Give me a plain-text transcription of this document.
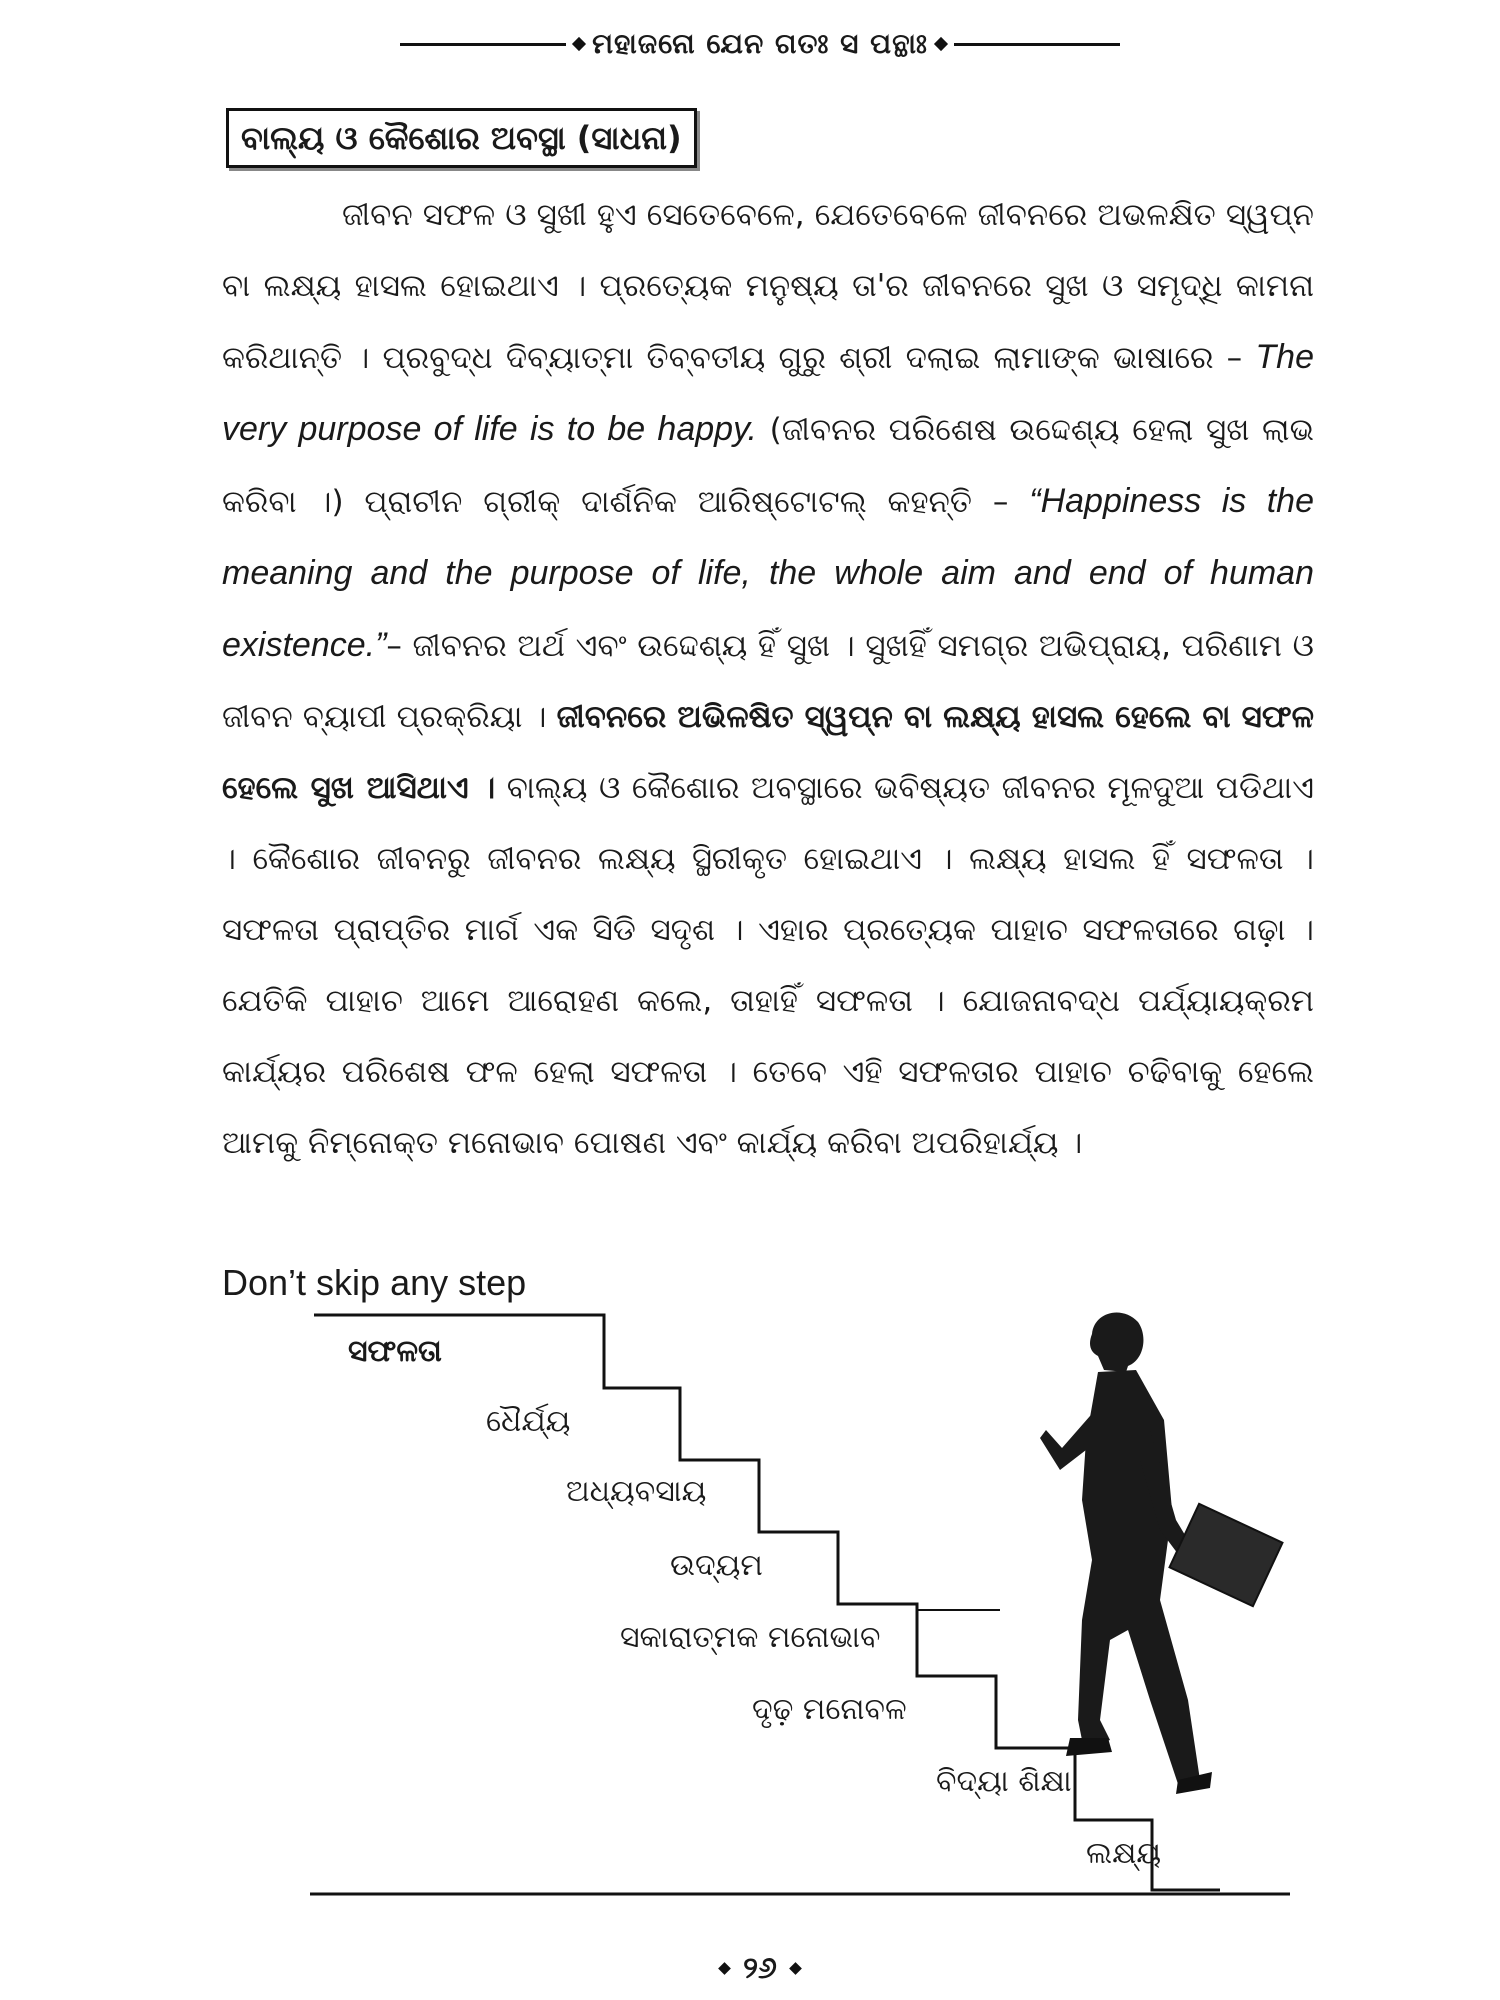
ମହାଜନୋ ଯେନ ଗତଃ ସ ପନ୍ଥାଃ
ବାଲ୍ୟ ଓ କୈଶୋର ଅବସ୍ଥା (ସାଧନା)

ଜୀବନ ସଫଳ ଓ ସୁଖୀ ହୁଏ ସେତେବେଳେ, ଯେତେବେଳେ ଜୀବନରେ ଅଭଳକ୍ଷିତ ସ୍ୱପ୍ନ ବା ଲକ୍ଷ୍ୟ ହାସଲ ହୋଇଥାଏ । ପ୍ରତ୍ୟେକ ମନୁଷ୍ୟ ତା'ର ଜୀବନରେ ସୁଖ ଓ ସମୃଦ୍ଧି କାମନା କରିଥାନ୍ତି । ପ୍ରବୁଦ୍ଧ ଦିବ୍ୟାତ୍ମା ତିବ୍ବତୀୟ ଗୁରୁ ଶ୍ରୀ ଦଲାଇ ଲାମାଙ୍କ ଭାଷାରେ – The very purpose of life is to be happy. (ଜୀବନର ପରିଶେଷ ଉଦ୍ଦେଶ୍ୟ ହେଲା ସୁଖ ଲାଭ କରିବା ।) ପ୍ରାଚୀନ ଗ୍ରୀକ୍ ଦାର୍ଶନିକ ଆରିଷ୍ଟୋଟଲ୍ କହନ୍ତି – “Happiness is the meaning and the purpose of life, the whole aim and end of human existence.”– ଜୀବନର ଅର୍ଥ ଏବଂ ଉଦ୍ଦେଶ୍ୟ ହିଁ ସୁଖ । ସୁଖହିଁ ସମଗ୍ର ଅଭିପ୍ରାୟ, ପରିଣାମ ଓ ଜୀବନ ବ୍ୟାପୀ ପ୍ରକ୍ରିୟା । ଜୀବନରେ ଅଭିଳଷିତ ସ୍ୱପ୍ନ ବା ଲକ୍ଷ୍ୟ ହାସଲ ହେଲେ ବା ସଫଳ ହେଲେ ସୁଖ ଆସିଥାଏ । ବାଲ୍ୟ ଓ କୈଶୋର ଅବସ୍ଥାରେ ଭବିଷ୍ୟତ ଜୀବନର ମୂଳଦୁଆ ପଡିଥାଏ । କୈଶୋର ଜୀବନରୁ ଜୀବନର ଲକ୍ଷ୍ୟ ସ୍ଥିରୀକୃତ ହୋଇଥାଏ । ଲକ୍ଷ୍ୟ ହାସଲ ହିଁ ସଫଳତା । ସଫଳତା ପ୍ରାପ୍ତିର ମାର୍ଗ ଏକ ସିଡି ସଦୃଶ । ଏହାର ପ୍ରତ୍ୟେକ ପାହାଚ ସଫଳତାରେ ଗଢ଼ା । ଯେତିକି ପାହାଚ ଆମେ ଆରୋହଣ କଲେ, ତାହାହିଁ ସଫଳତା । ଯୋଜନାବଦ୍ଧ ପର୍ଯ୍ୟାୟକ୍ରମ କାର୍ଯ୍ୟର ପରିଶେଷ ଫଳ ହେଲା ସଫଳତା । ତେବେ ଏହି ସଫଳତାର ପାହାଚ ଚଢିବାକୁ ହେଲେ ଆମକୁ ନିମ୍ନୋକ୍ତ ମନୋଭାବ ପୋଷଣ ଏବଂ କାର୍ଯ୍ୟ କରିବା ଅପରିହାର୍ଯ୍ୟ ।

Don’t skip any step
ସଫଳତା
ଧୈର୍ଯ୍ୟ
ଅଧ୍ୟବସାୟ
ଉଦ୍ୟମ
ସକାରାତ୍ମକ ମନୋଭାବ
ଦୃଢ଼ ମନୋବଳ
ବିଦ୍ୟା ଶିକ୍ଷା
ଲକ୍ଷ୍ୟ
୨୬
